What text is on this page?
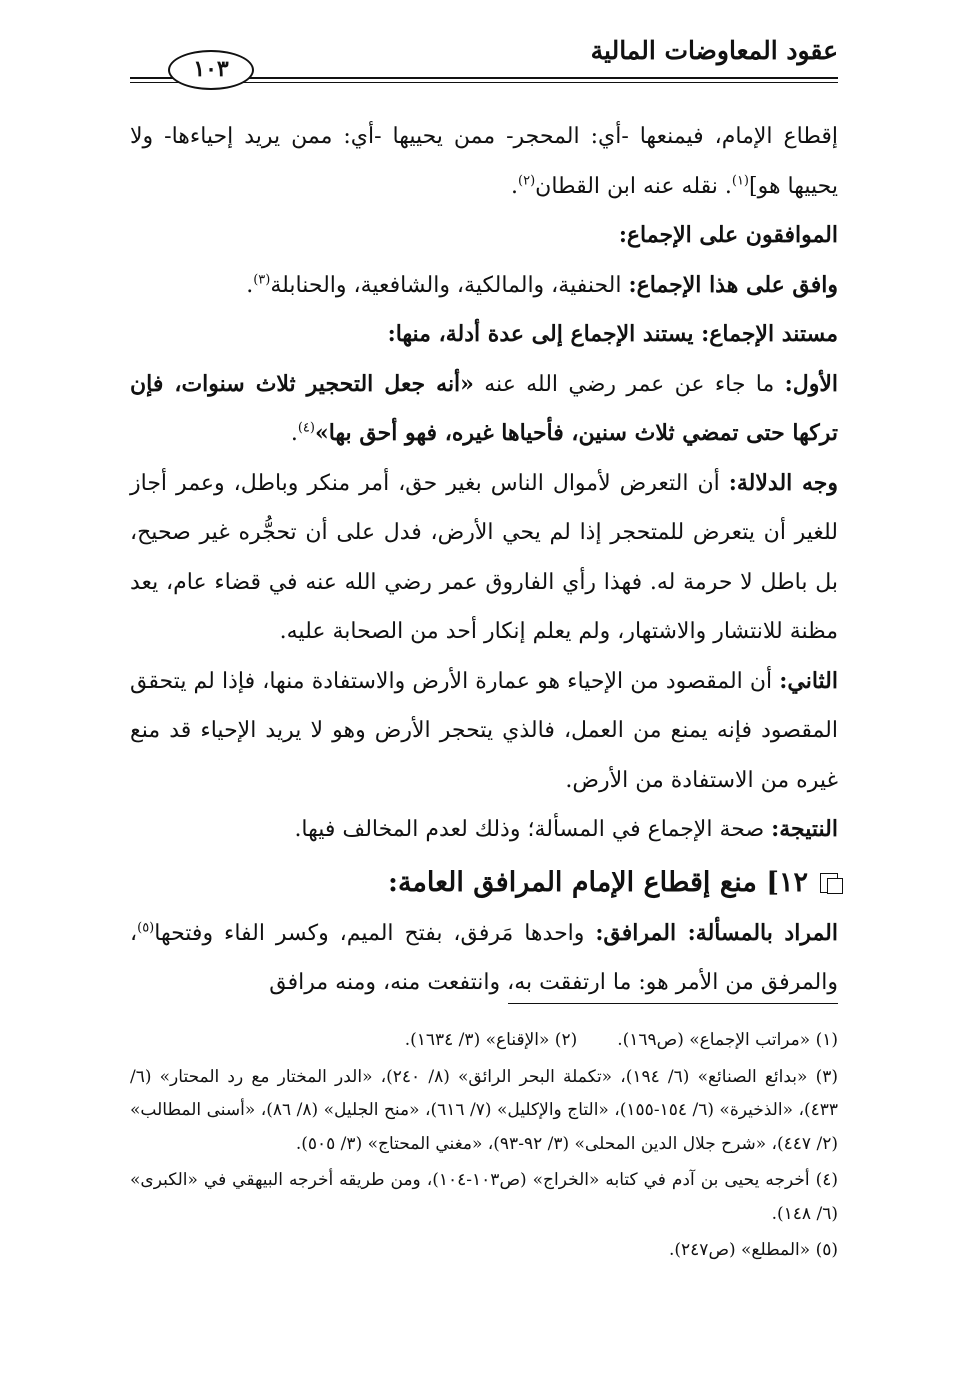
عقود المعاوضات المالية
١٠٣

إقطاع الإمام، فيمنعها -أي: المحجر- ممن يحييها -أي: ممن يريد إحياءها- ولا يحييها هو]$^{(١)}$. نقله عنه ابن القطان$^{(٢)}$.

الموافقون على الإجماع:

وافق على هذا الإجماع: الحنفية، والمالكية، والشافعية، والحنابلة$^{(٣)}$.

مستند الإجماع: يستند الإجماع إلى عدة أدلة، منها:

الأول: ما جاء عن عمر رضي الله عنه «أنه جعل التحجير ثلاث سنوات، فإن تركها حتى تمضي ثلاث سنين، فأحياها غيره، فهو أحق بها»$^{(٤)}$.

وجه الدلالة: أن التعرض لأموال الناس بغير حق، أمر منكر وباطل، وعمر أجاز للغير أن يتعرض للمتحجر إذا لم يحي الأرض، فدل على أن تحجُّره غير صحيح، بل باطل لا حرمة له. فهذا رأي الفاروق عمر رضي الله عنه في قضاء عام، يعد مظنة للانتشار والاشتهار، ولم يعلم إنكار أحد من الصحابة عليه.

الثاني: أن المقصود من الإحياء هو عمارة الأرض والاستفادة منها، فإذا لم يتحقق المقصود فإنه يمنع من العمل، فالذي يتحجر الأرض وهو لا يريد الإحياء قد منع غيره من الاستفادة من الأرض.

النتيجة: صحة الإجماع في المسألة؛ وذلك لعدم المخالف فيها.

١٢] منع إقطاع الإمام المرافق العامة:

المراد بالمسألة: المرافق: واحدها مَرفق، بفتح الميم، وكسر الفاء وفتحها$^{(٥)}$، والمرفق من الأمر هو: ما ارتفقت به، وانتفعت منه، ومنه مرافق

(١) «مراتب الإجماع» (ص١٦٩).

(٢) «الإقناع» (٣/ ١٦٣٤).

(٣) «بدائع الصنائع» (٦/ ١٩٤)، «تكملة البحر الرائق» (٨/ ٢٤٠)، «الدر المختار مع رد المحتار» (٦/ ٤٣٣)، «الذخيرة» (٦/ ١٥٤-١٥٥)، «التاج والإكليل» (٧/ ٦١٦)، «منح الجليل» (٨/ ٨٦)، «أسنى المطالب» (٢/ ٤٤٧)، «شرح جلال الدين المحلى» (٣/ ٩٢-٩٣)، «مغني المحتاج» (٣/ ٥٠٥).

(٤) أخرجه يحيى بن آدم في كتابه «الخراج» (ص١٠٣-١٠٤)، ومن طريقه أخرجه البيهقي في «الكبرى» (٦/ ١٤٨).

(٥) «المطلع» (ص٢٤٧).
